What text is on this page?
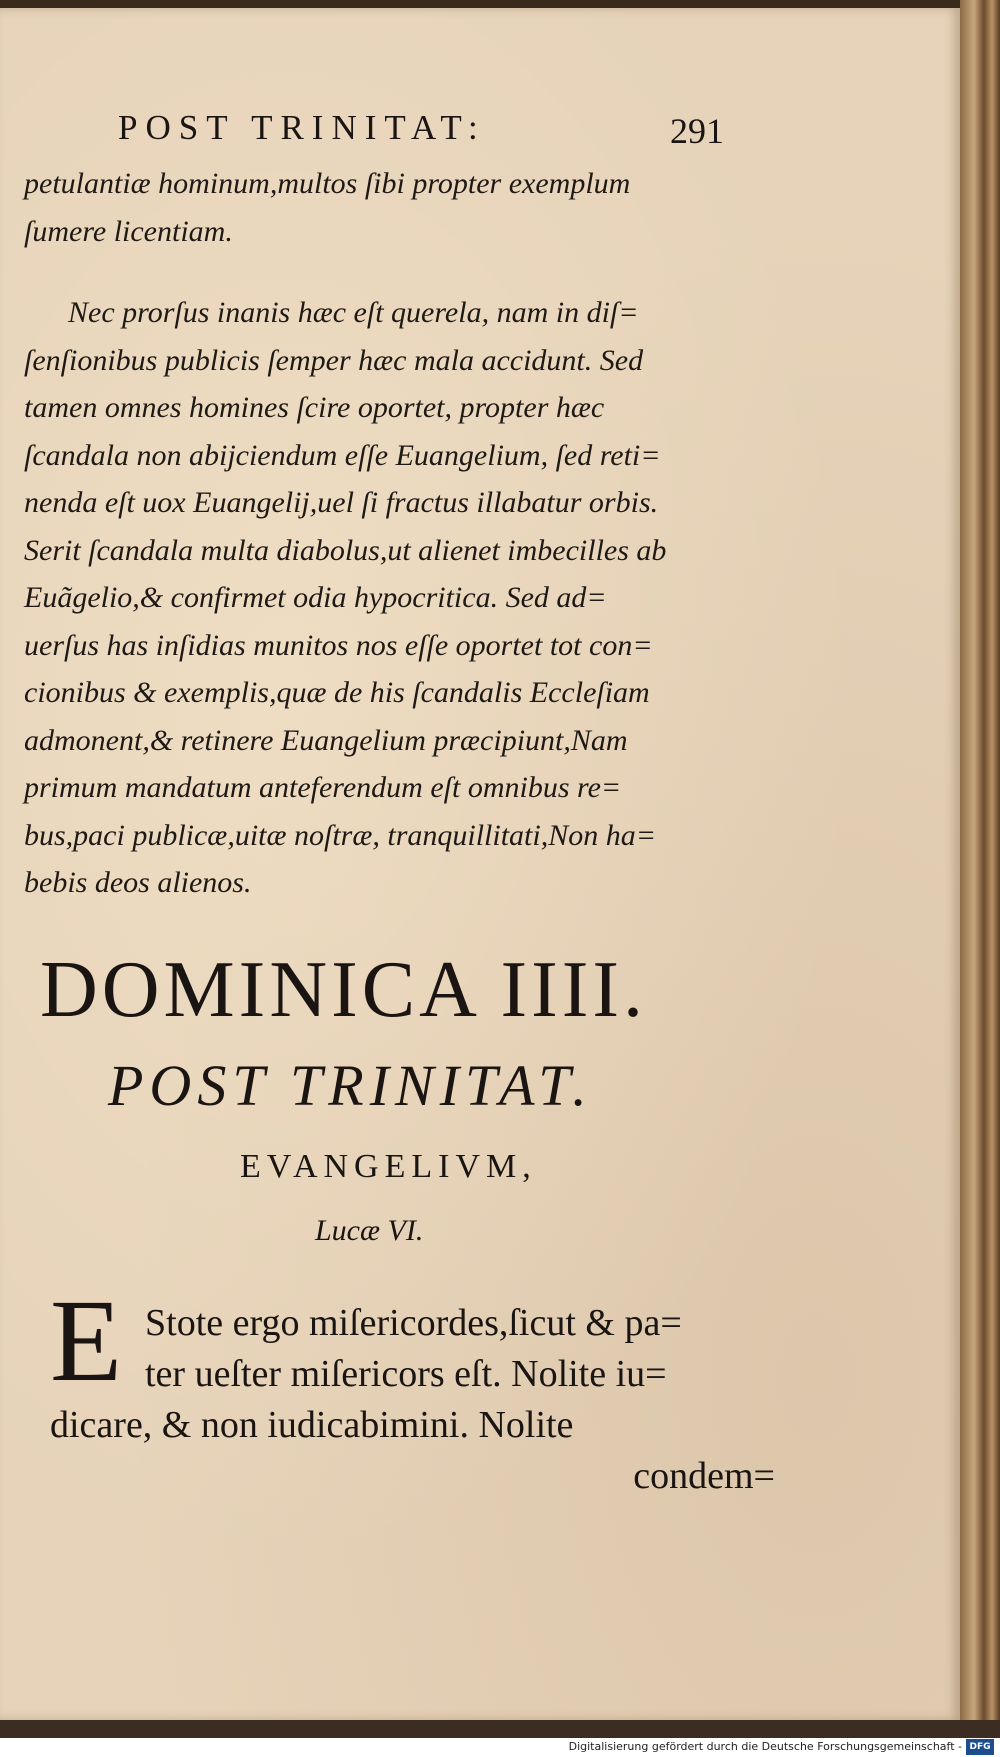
POST TRINITAT:	291

petulantiæ hominum,multos ſibi propter exemplum
ſumere licentiam.

Nec prorſus inanis hæc eſt querela, nam in diſ=
ſenſionibus publicis ſemper hæc mala accidunt. Sed
tamen omnes homines ſcire oportet, propter hæc
ſcandala non abijciendum eſſe Euangelium, ſed reti=
nenda eſt uox Euangelij,uel ſi fractus illabatur orbis.
Serit ſcandala multa diabolus,ut alienet imbecilles ab
Euãgelio,& confirmet odia hypocritica. Sed ad=
uerſus has inſidias munitos nos eſſe oportet tot con=
cionibus & exemplis,quæ de his ſcandalis Eccleſiam
admonent,& retinere Euangelium præcipiunt,Nam
primum mandatum anteferendum eſt omnibus re=
bus,paci publicæ,uitæ noſtræ, tranquillitati,Non ha=
bebis deos alienos.

DOMINICA IIII.
POST TRINITAT.
EVANGELIVM,
Lucæ VI.
E Stote ergo miſericordes,ſicut & pa=
ter ueſter miſericors eſt. Nolite iu=
dicare, & non iudicabimini. Nolite
condem=
Digitalisierung gefördert durch die Deutsche Forschungsgemeinschaft - DFG
